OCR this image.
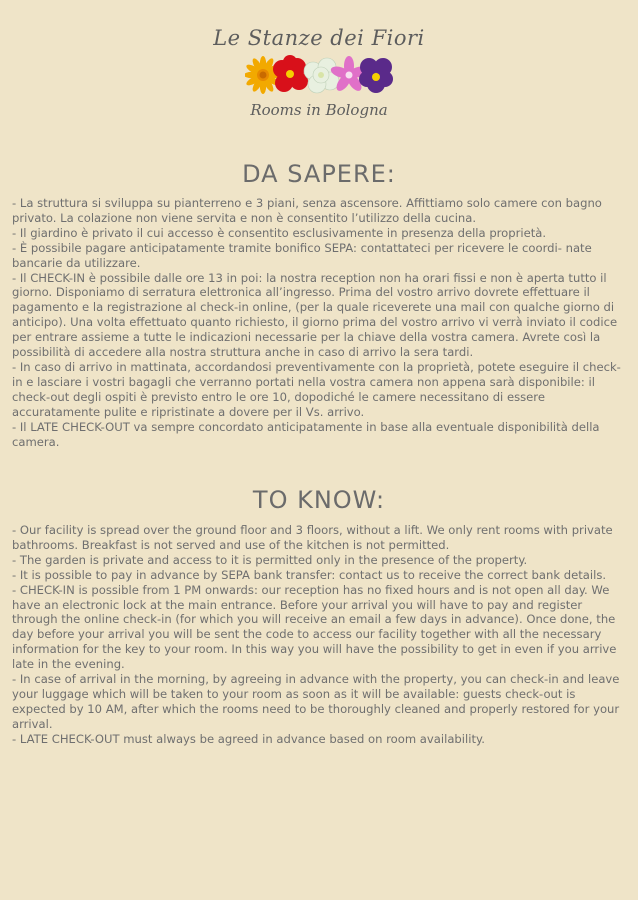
Le Stanze dei Fiori
Rooms in Bologna
DA SAPERE:

- La struttura si sviluppa su pianterreno e 3 piani, senza ascensore. Affittiamo solo camere con bagno privato. La colazione non viene servita e non è consentito l’utilizzo della cucina.

- Il giardino è privato il cui accesso è consentito esclusivamente in presenza della proprietà.

- È possibile pagare anticipatamente tramite bonifico SEPA: contattateci per ricevere le coordi- nate bancarie da utilizzare.

- Il CHECK-IN è possibile dalle ore 13 in poi: la nostra reception non ha orari fissi e non è aperta tutto il giorno. Disponiamo di serratura elettronica all’ingresso. Prima del vostro arrivo dovrete effettuare il pagamento e la registrazione al check-in online, (per la quale riceverete una mail con qualche giorno di anticipo). Una volta effettuato quanto richiesto, il giorno prima del vostro arrivo vi verrà inviato il codice per entrare assieme a tutte le indicazioni necessarie per la chiave della vostra camera. Avrete così la possibilità di accedere alla nostra struttura anche in caso di arrivo la sera tardi.

- In caso di arrivo in mattinata, accordandosi preventivamente con la proprietà, potete eseguire il check-in e lasciare i vostri bagagli che verranno portati nella vostra camera non appena sarà disponibile: il check-out degli ospiti è previsto entro le ore 10, dopodiché le camere necessitano di essere accuratamente pulite e ripristinate a dovere per il Vs. arrivo.

- Il LATE CHECK-OUT va sempre concordato anticipatamente in base alla eventuale disponibilità della camera.

TO KNOW:

- Our facility is spread over the ground floor and 3 floors, without a lift. We only rent rooms with private bathrooms. Breakfast is not served and use of the kitchen is not permitted.

- The garden is private and access to it is permitted only in the presence of the property.

- It is possible to pay in advance by SEPA bank transfer: contact us to receive the correct bank details.

- CHECK-IN is possible from 1 PM onwards: our reception has no fixed hours and is not open all day. We have an electronic lock at the main entrance. Before your arrival you will have to pay and register through the online check-in (for which you will receive an email a few days in advance). Once done, the day before your arrival you will be sent the code to access our facility together with all the necessary information for the key to your room. In this way you will have the possibility to get in even if you arrive late in the evening.

- In case of arrival in the morning, by agreeing in advance with the property, you can check-in and leave your luggage which will be taken to your room as soon as it will be available: guests check-out is expected by 10 AM, after which the rooms need to be thoroughly cleaned and properly restored for your arrival.

- LATE CHECK-OUT must always be agreed in advance based on room availability.
